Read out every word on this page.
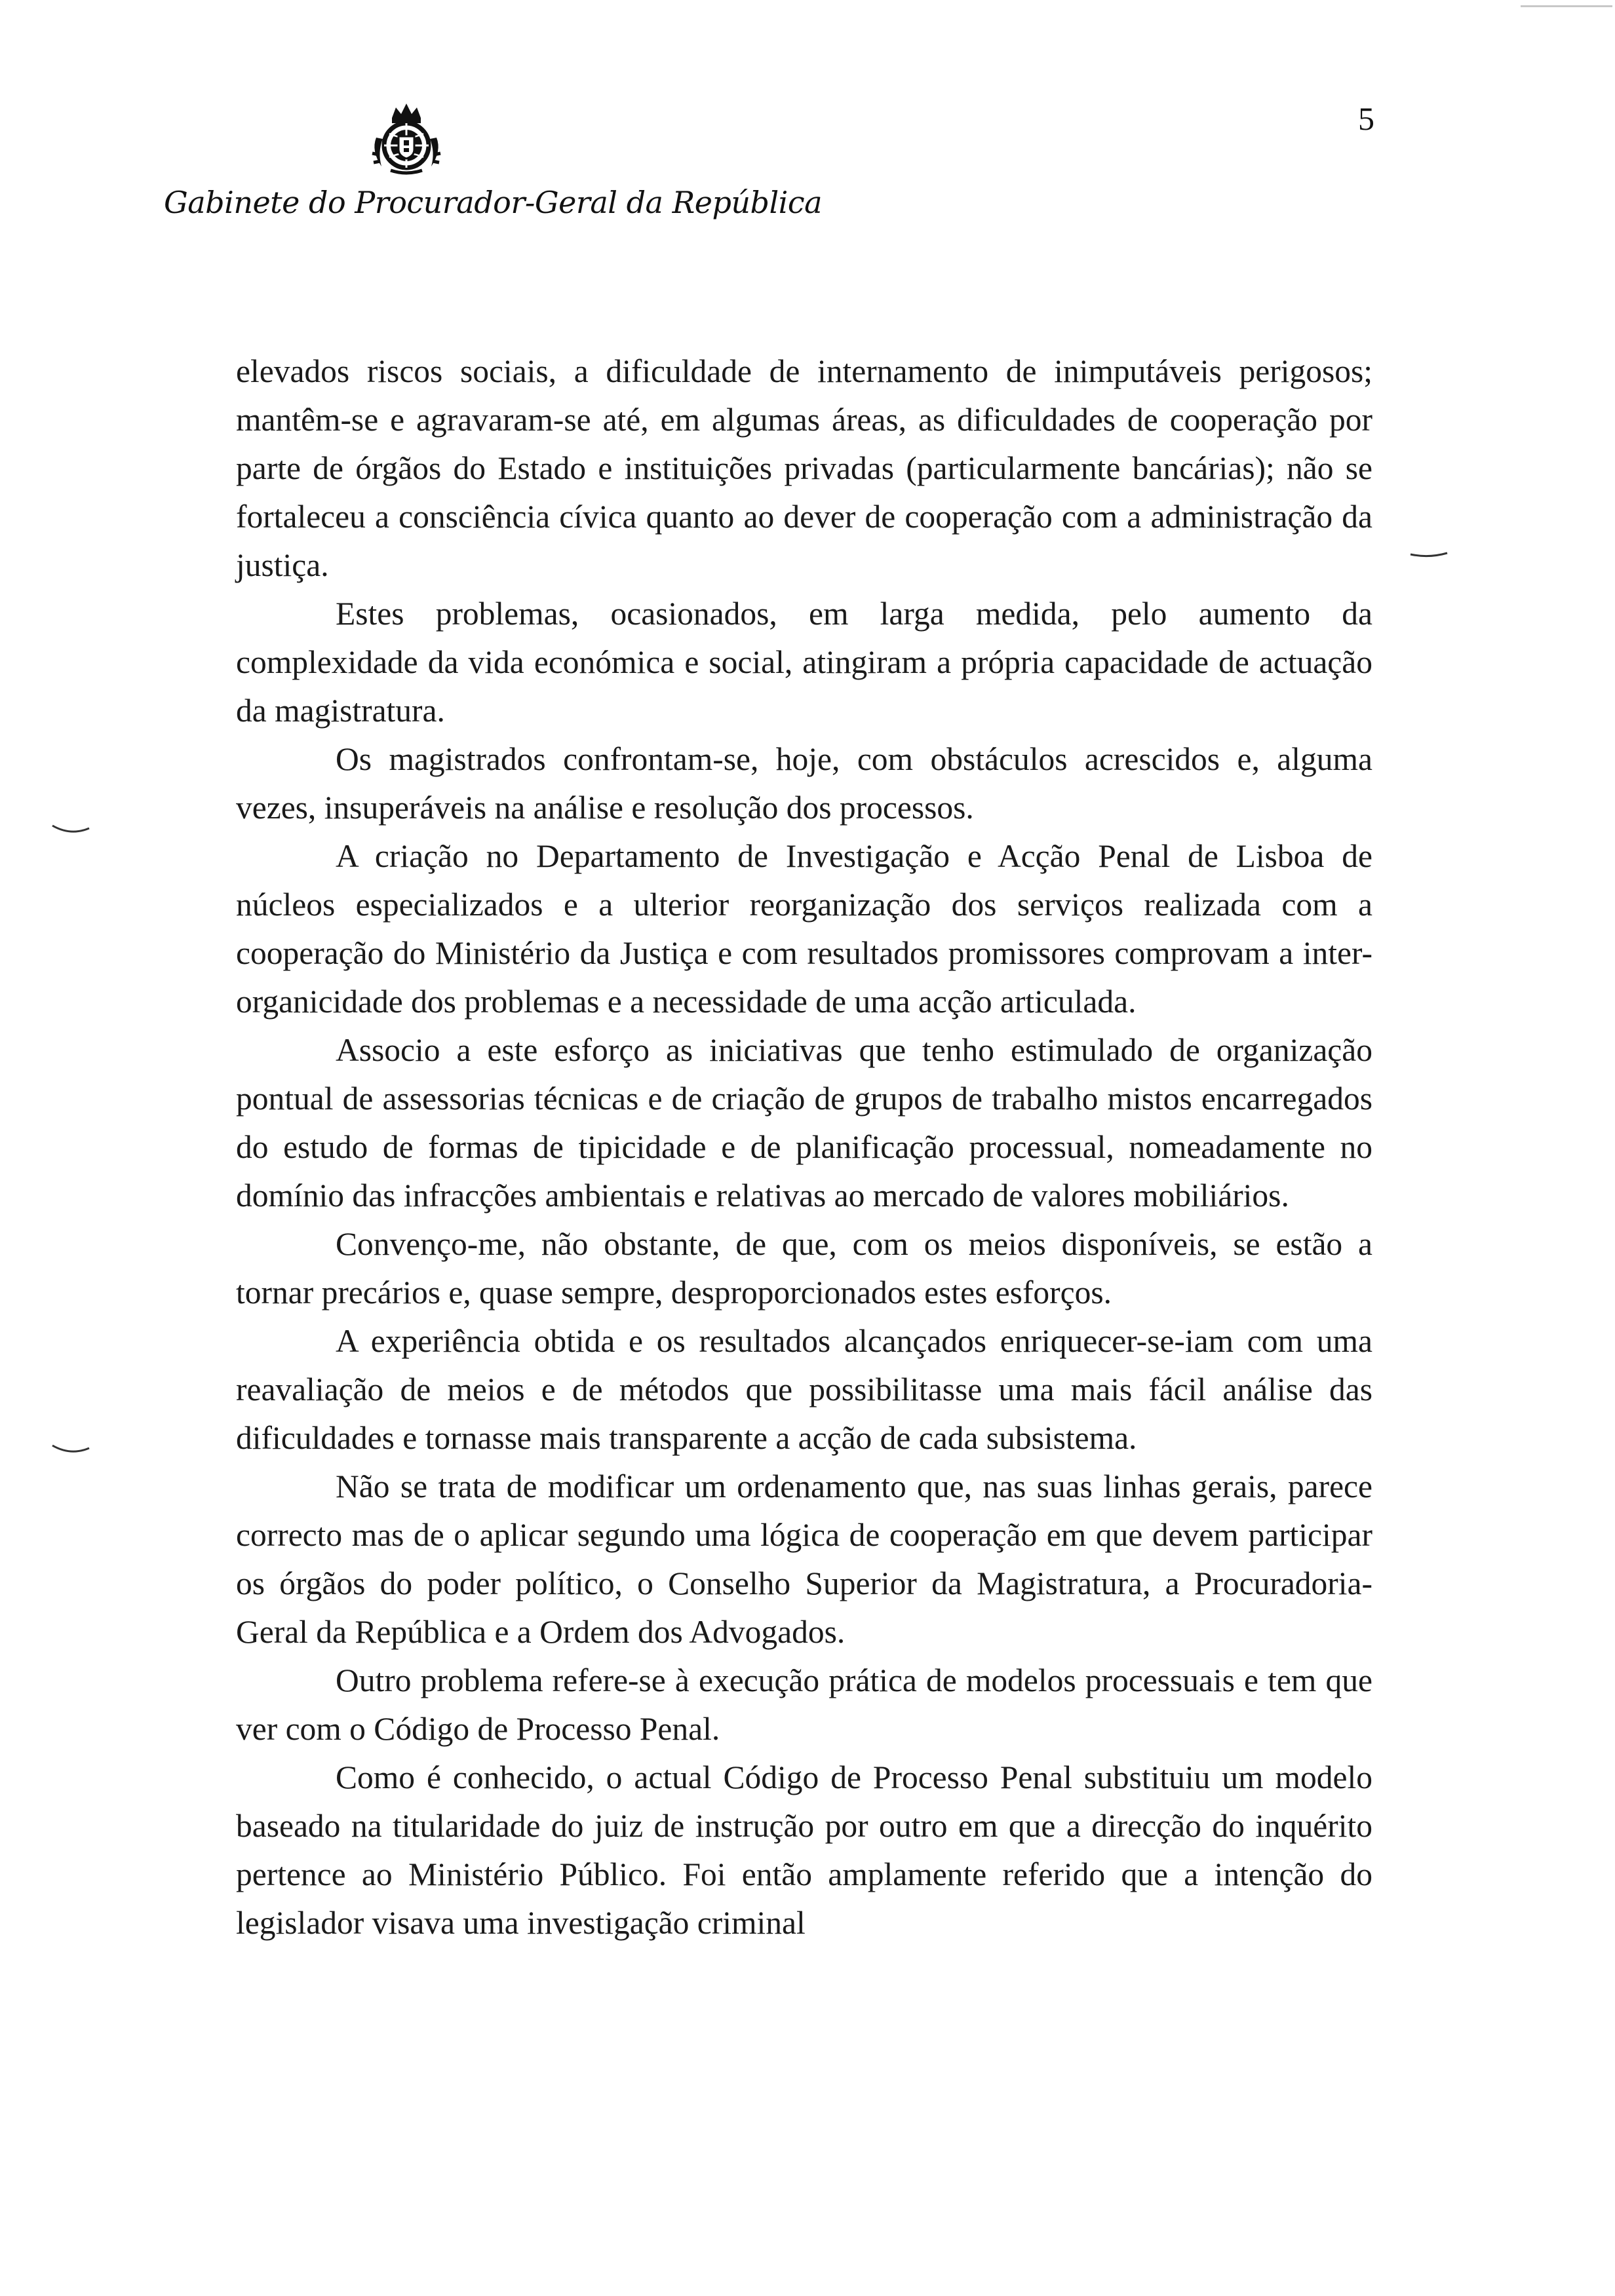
Gabinete do Procurador-Geral da República
5

elevados riscos sociais, a dificuldade de internamento de inimputáveis perigosos; mantêm-se e agravaram-se até, em algumas áreas, as dificuldades de cooperação por parte de órgãos do Estado e instituições privadas (particularmente bancárias); não se fortaleceu a consciência cívica quanto ao dever de cooperação com a administração da justiça.

Estes problemas, ocasionados, em larga medida, pelo aumento da complexidade da vida económica e social, atingiram a própria capacidade de actuação da magistratura.

Os magistrados confrontam-se, hoje, com obstáculos acrescidos e, alguma vezes, insuperáveis na análise e resolução dos processos.

A criação no Departamento de Investigação e Acção Penal de Lisboa de núcleos especializados e a ulterior reorganização dos serviços realizada com a cooperação do Ministério da Justiça e com resultados promissores comprovam a inter-organicidade dos problemas e a necessidade de uma acção articulada.

Associo a este esforço as iniciativas que tenho estimulado de organização pontual de assessorias técnicas e de criação de grupos de trabalho mistos encarregados do estudo de formas de tipicidade e de planificação processual, nomeadamente no domínio das infracções ambientais e relativas ao mercado de valores mobiliários.

Convenço-me, não obstante, de que, com os meios disponíveis, se estão a tornar precários e, quase sempre, desproporcionados estes esforços.

A experiência obtida e os resultados alcançados enriquecer-se-iam com uma reavaliação de meios e de métodos que possibilitasse uma mais fácil análise das dificuldades e tornasse mais transparente a acção de cada subsistema.

Não se trata de modificar um ordenamento que, nas suas linhas gerais, parece correcto mas de o aplicar segundo uma lógica de cooperação em que devem participar os órgãos do poder político, o Conselho Superior da Magistratura, a Procuradoria-Geral da República e a Ordem dos Advogados.

Outro problema refere-se à execução prática de modelos processuais e tem que ver com o Código de Processo Penal.

Como é conhecido, o actual Código de Processo Penal substituiu um modelo baseado na titularidade do juiz de instrução por outro em que a direcção do inquérito pertence ao Ministério Público. Foi então amplamente referido que a intenção do legislador visava uma investigação criminal
